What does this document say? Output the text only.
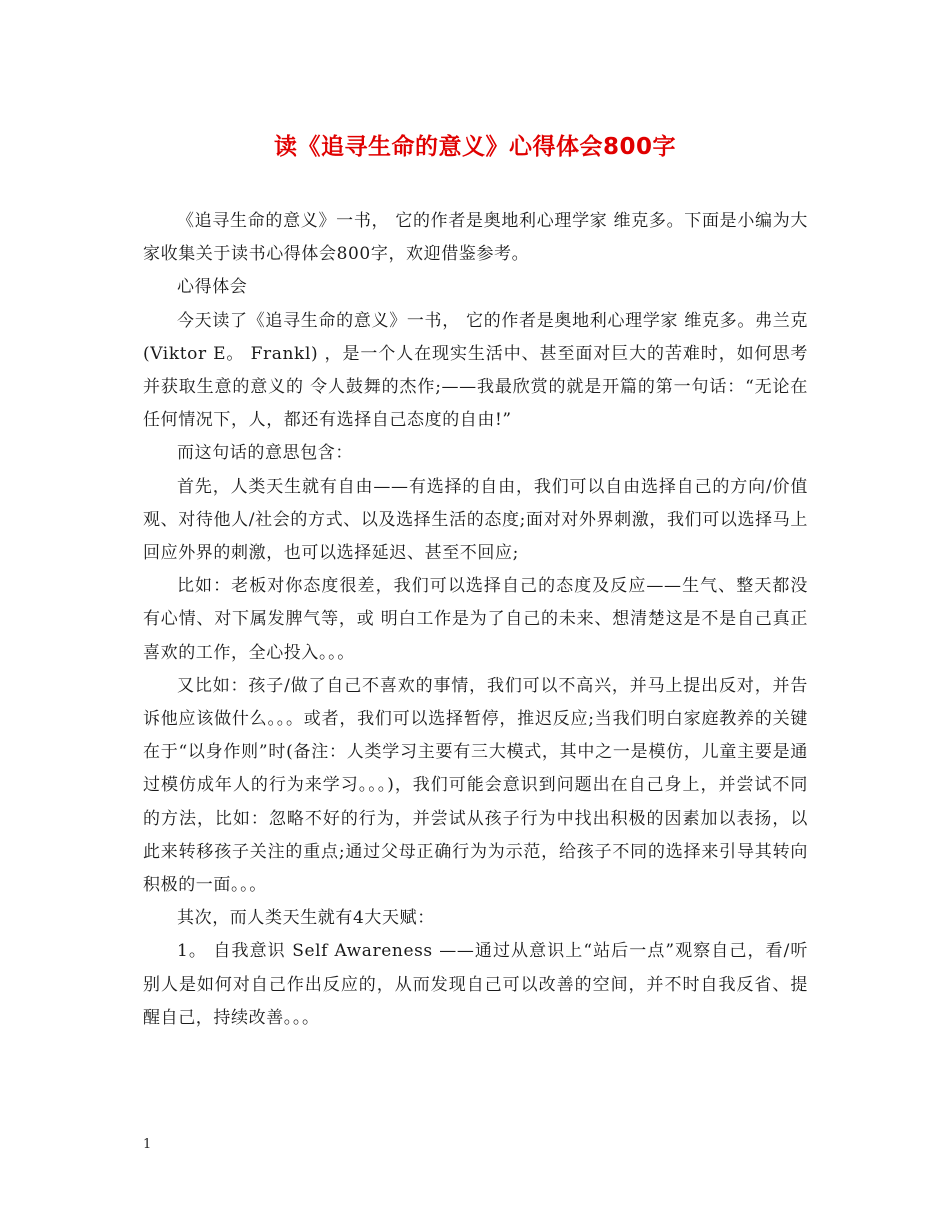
读《追寻生命的意义》心得体会800字

《追寻生命的意义》一书， 它的作者是奥地利心理学家 维克多。下面是小编为大家收集关于读书心得体会800字，欢迎借鉴参考。

心得体会

今天读了《追寻生命的意义》一书， 它的作者是奥地利心理学家 维克多。弗兰克(Viktor E。 Frankl) ，是一个人在现实生活中、甚至面对巨大的苦难时，如何思考并获取生意的意义的 令人鼓舞的杰作;——我最欣赏的就是开篇的第一句话：“无论在任何情况下，人，都还有选择自己态度的自由!”

而这句话的意思包含：

首先，人类天生就有自由——有选择的自由，我们可以自由选择自己的方向/价值观、对待他人/社会的方式、以及选择生活的态度;面对对外界刺激，我们可以选择马上回应外界的刺激，也可以选择延迟、甚至不回应;

比如：老板对你态度很差，我们可以选择自己的态度及反应——生气、整天都没有心情、对下属发脾气等，或 明白工作是为了自己的未来、想清楚这是不是自己真正喜欢的工作，全心投入。。。

又比如：孩子/做了自己不喜欢的事情，我们可以不高兴，并马上提出反对，并告诉他应该做什么。。。或者，我们可以选择暂停，推迟反应;当我们明白家庭教养的关键在于“以身作则”时(备注：人类学习主要有三大模式，其中之一是模仿，儿童主要是通过模仿成年人的行为来学习。。。)，我们可能会意识到问题出在自己身上，并尝试不同的方法，比如：忽略不好的行为，并尝试从孩子行为中找出积极的因素加以表扬，以此来转移孩子关注的重点;通过父母正确行为为示范，给孩子不同的选择来引导其转向积极的一面。。。

其次，而人类天生就有4大天赋：

1。 自我意识 Self Awareness ——通过从意识上“站后一点”观察自己，看/听别人是如何对自己作出反应的，从而发现自己可以改善的空间，并不时自我反省、提醒自己，持续改善。。。

1
